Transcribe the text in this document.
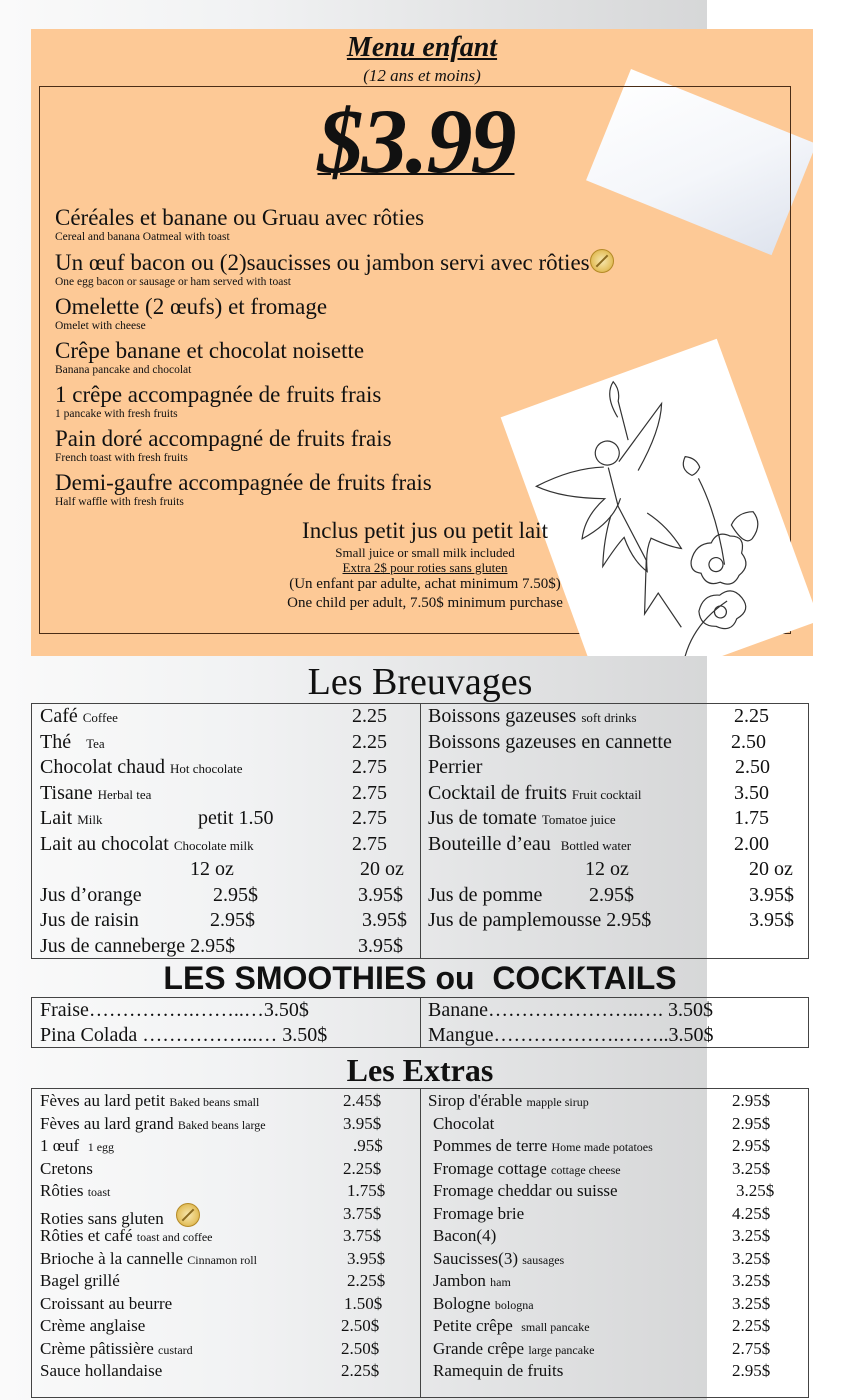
Menu enfant
(12 ans et moins)
$3.99
Céréales et banane ou Gruau avec rôties
Cereal and banana Oatmeal with toast
Un œuf bacon ou (2)saucisses ou jambon servi avec rôties
One egg bacon or sausage or ham served with toast
Omelette (2 œufs) et fromage
Omelet with cheese
Crêpe banane et chocolat noisette
Banana pancake and chocolat
1 crêpe accompagnée de fruits frais
1 pancake with fresh fruits
Pain doré accompagné de fruits frais
French toast with fresh fruits
Demi-gaufre accompagnée de fruits frais
Half waffle with fresh fruits
Inclus petit jus ou petit lait
Small juice or small milk included
Extra 2$ pour roties sans gluten
(Un enfant par adulte, achat minimum 7.50$)
One child per adult, 7.50$ minimum purchase
Les Breuvages
Café Coffee	2.25
Thé Tea	2.25
Chocolat chaud Hot chocolate	2.75
Tisane Herbal tea	2.75
Lait Milk	petit 1.50	2.75
Lait au chocolat Chocolate milk	2.75
12 oz	20 oz
Jus d’orange	2.95$	3.95$
Jus de raisin	2.95$	3.95$
Jus de canneberge 2.95$	3.95$
Boissons gazeuses soft drinks	2.25
Boissons gazeuses en cannette	2.50
Perrier	2.50
Cocktail de fruits Fruit cocktail	3.50
Jus de tomate Tomatoe juice	1.75
Bouteille d’eau Bottled water	2.00
12 oz	20 oz
Jus de pomme 2.95$	3.95$
Jus de pamplemousse 2.95$	3.95$
LES SMOOTHIES ou  COCKTAILS
Fraise…………….……..…3.50$
Pina Colada ……………...… 3.50$
Banane…………………..…. 3.50$
Mangue……………….……..3.50$
Les Extras
Fèves au lard petit Baked beans small	2.45$
Fèves au lard grand Baked beans large	3.95$
1 œuf 1 egg	.95$
Cretons	2.25$
Rôties toast	1.75$
Roties sans gluten	3.75$
Rôties et café toast and coffee	3.75$
Brioche à la cannelle Cinnamon roll	3.95$
Bagel grillé	2.25$
Croissant au beurre	1.50$
Crème anglaise	2.50$
Crème pâtissière custard	2.50$
Sauce hollandaise	2.25$
Sirop d'érable mapple sirup	2.95$
Chocolat	2.95$
Pommes de terre Home made potatoes	2.95$
Fromage cottage cottage cheese	3.25$
Fromage cheddar ou suisse	3.25$
Fromage brie	4.25$
Bacon(4)	3.25$
Saucisses(3) sausages	3.25$
Jambon ham	3.25$
Bologne bologna	3.25$
Petite crêpe small pancake	2.25$
Grande crêpe large pancake	2.75$
Ramequin de fruits	2.95$
